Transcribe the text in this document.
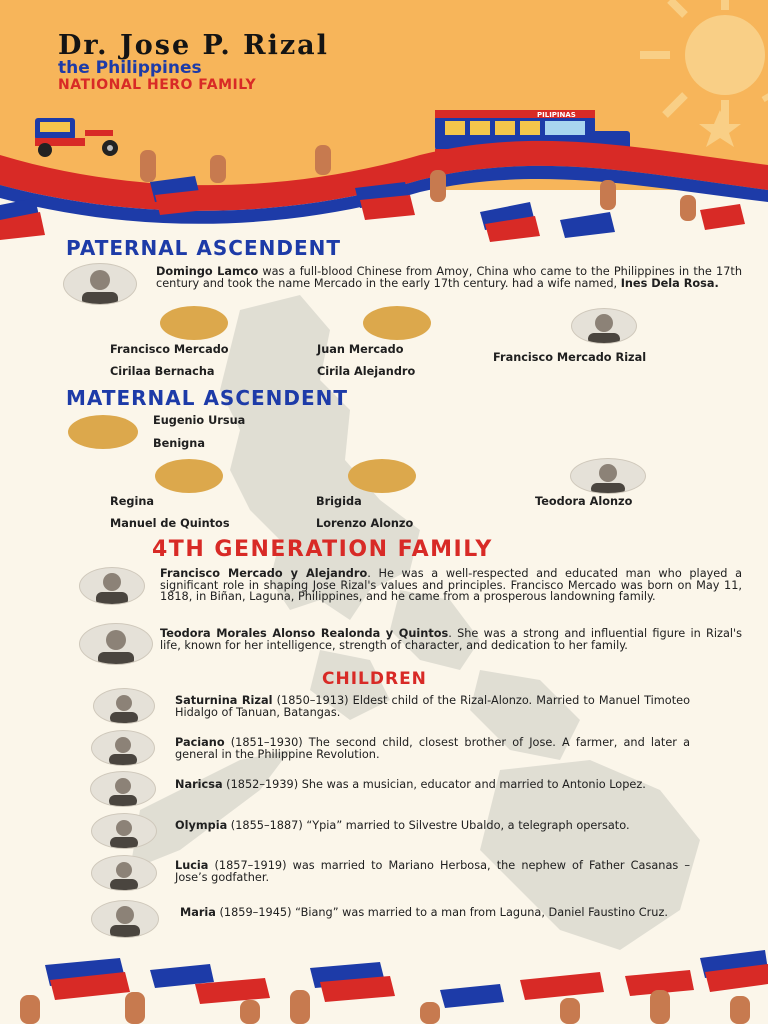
Dr. Jose P. Rizal
the Philippines
NATIONAL HERO FAMILY
PILIPINAS
PATERNAL ASCENDENT
Domingo Lamco was a full-blood Chinese from Amoy, China who came to the Philippines in the 17th century and took the name Mercado in the early 17th century. had a wife named, Ines Dela Rosa.
Francisco Mercado	Juan Mercado
Cirilaa Bernacha	Cirila Alejandro
Francisco Mercado Rizal
MATERNAL ASCENDENT
Eugenio Ursua
Benigna
Regina	Brigida	Teodora Alonzo
Manuel de Quintos	Lorenzo Alonzo
4TH GENERATION FAMILY
Francisco Mercado y Alejandro. He was a well-respected and educated man who played a significant role in shaping Jose Rizal's values and principles. Francisco Mercado was born on May 11, 1818, in Biñan, Laguna, Philippines, and he came from a prosperous landowning family.
Teodora Morales Alonso Realonda y Quintos. She was a strong and influential figure in Rizal's life, known for her intelligence, strength of character, and dedication to her family.
CHILDREN
Saturnina Rizal (1850–1913) Eldest child of the Rizal-Alonzo. Married to Manuel Timoteo Hidalgo of Tanuan, Batangas.
Paciano (1851–1930) The second child, closest brother of Jose. A farmer, and later a general in the Philippine Revolution.
Naricsa (1852–1939) She was a musician, educator and married to Antonio Lopez.
Olympia (1855–1887) “Ypia” married to Silvestre Ubaldo, a telegraph opersato.
Lucia (1857–1919) was married to Mariano Herbosa, the nephew of Father Casanas – Jose’s godfather.
Maria (1859–1945) “Biang” was married to a man from Laguna, Daniel Faustino Cruz.
